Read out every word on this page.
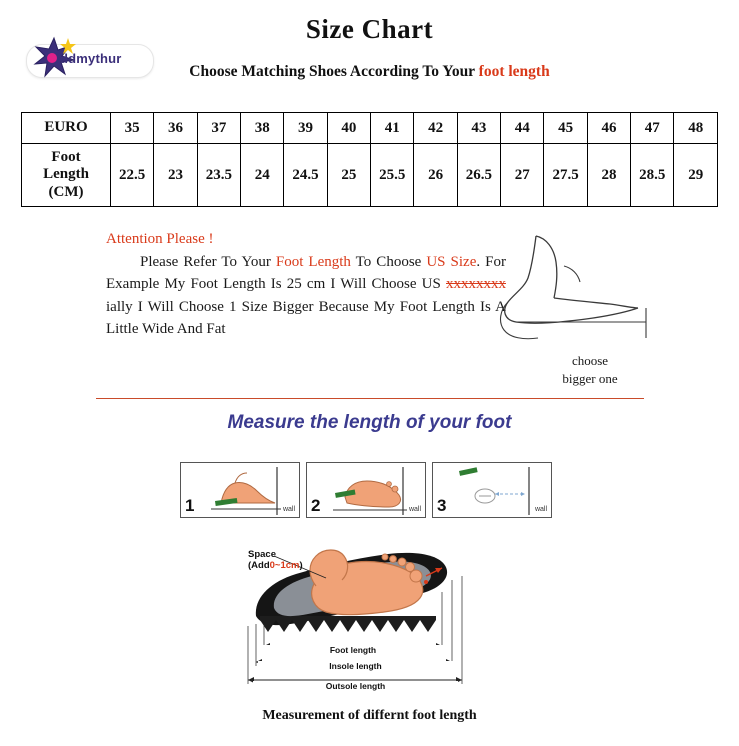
Size Chart
ddmythur
Choose Matching Shoes According To Your foot length
EURO	35	36	37	38	39	40	41	42	43	44	45	46	47	48

Foot
Length
(CM)	22.5	23	23.5	24	24.5	25	25.5	26	26.5	27	27.5	28	28.5	29
Attention Please !
Please Refer To Your Foot Length To Choose US Size. For Example My Foot Length Is 25 cm I Will Choose US xxxxxxxx ially I Will Choose 1 Size Bigger Because My Foot Length Is A Little Wide And Fat
choose
bigger one
Measure the length of your foot
1	wall 2	wall 3	wall
Space
(Add0~1cm)
Foot length
Insole length
Outsole length
Measurement of differnt foot length
